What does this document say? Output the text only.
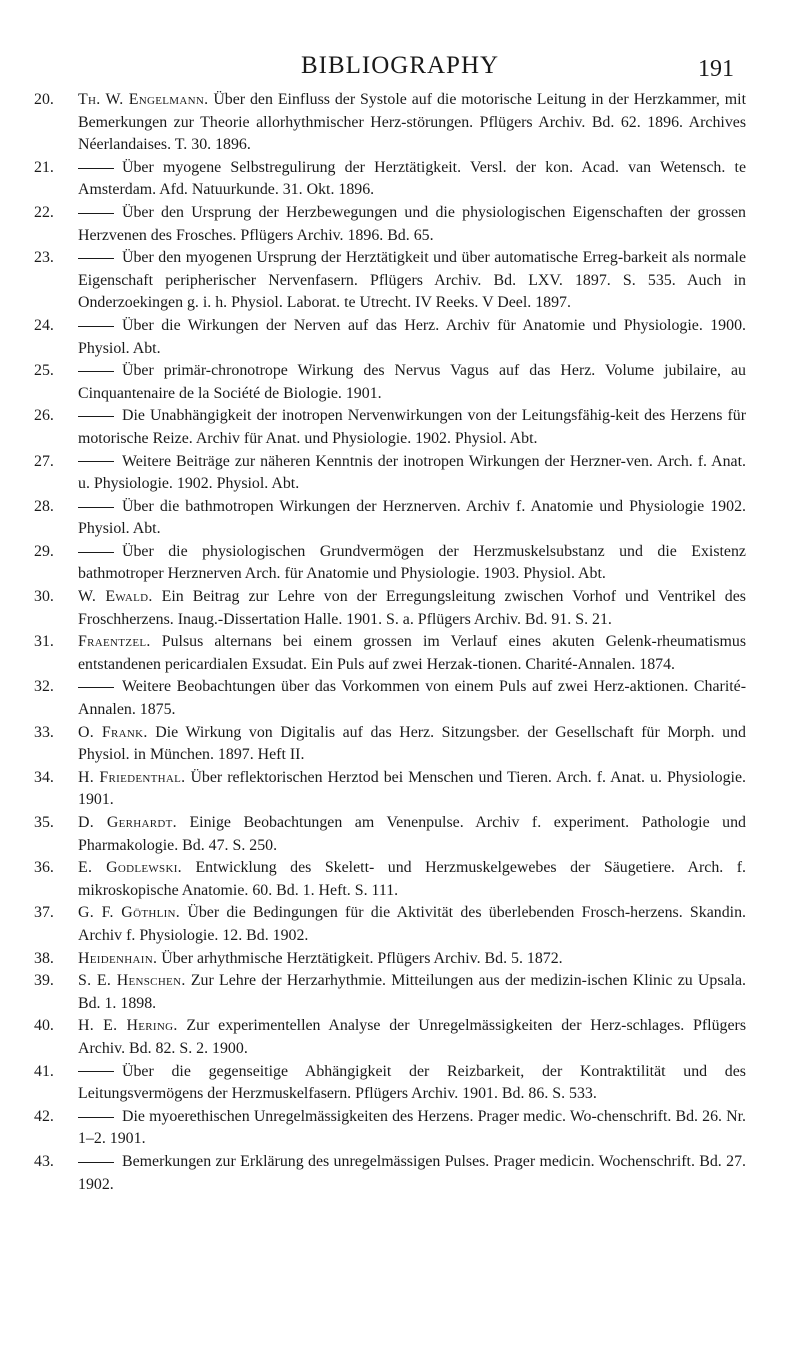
BIBLIOGRAPHY	191

20.	Th. W. Engelmann. Über den Einfluss der Systole auf die motorische Leitung in der Herzkammer, mit Bemerkungen zur Theorie allorhythmischer Herz-störungen. Pflügers Archiv. Bd. 62. 1896. Archives Néerlandaises. T. 30. 1896.

21.	Über myogene Selbstregulirung der Herztätigkeit. Versl. der kon. Acad. van Wetensch. te Amsterdam. Afd. Natuurkunde. 31. Okt. 1896.

22.	Über den Ursprung der Herzbewegungen und die physiologischen Eigenschaften der grossen Herzvenen des Frosches. Pflügers Archiv. 1896. Bd. 65.

23.	Über den myogenen Ursprung der Herztätigkeit und über automatische Erreg-barkeit als normale Eigenschaft peripherischer Nervenfasern. Pflügers Archiv. Bd. LXV. 1897. S. 535. Auch in Onderzoekingen g. i. h. Physiol. Laborat. te Utrecht. IV Reeks. V Deel. 1897.

24.	Über die Wirkungen der Nerven auf das Herz. Archiv für Anatomie und Physiologie. 1900. Physiol. Abt.

25.	Über primär-chronotrope Wirkung des Nervus Vagus auf das Herz. Volume jubilaire, au Cinquantenaire de la Société de Biologie. 1901.

26.	Die Unabhängigkeit der inotropen Nervenwirkungen von der Leitungsfähig-keit des Herzens für motorische Reize. Archiv für Anat. und Physiologie. 1902. Physiol. Abt.

27.	Weitere Beiträge zur näheren Kenntnis der inotropen Wirkungen der Herzner-ven. Arch. f. Anat. u. Physiologie. 1902. Physiol. Abt.

28.	Über die bathmotropen Wirkungen der Herznerven. Archiv f. Anatomie und Physiologie 1902. Physiol. Abt.

29.	Über die physiologischen Grundvermögen der Herzmuskelsubstanz und die Existenz bathmotroper Herznerven Arch. für Anatomie und Physiologie. 1903. Physiol. Abt.

30.	W. Ewald. Ein Beitrag zur Lehre von der Erregungsleitung zwischen Vorhof und Ventrikel des Froschherzens. Inaug.-Dissertation Halle. 1901. S. a. Pflügers Archiv. Bd. 91. S. 21.

31.	Fraentzel. Pulsus alternans bei einem grossen im Verlauf eines akuten Gelenk-rheumatismus entstandenen pericardialen Exsudat. Ein Puls auf zwei Herzak-tionen. Charité-Annalen. 1874.

32.	Weitere Beobachtungen über das Vorkommen von einem Puls auf zwei Herz-aktionen. Charité-Annalen. 1875.

33.	O. Frank. Die Wirkung von Digitalis auf das Herz. Sitzungsber. der Gesellschaft für Morph. und Physiol. in München. 1897. Heft II.

34.	H. Friedenthal. Über reflektorischen Herztod bei Menschen und Tieren. Arch. f. Anat. u. Physiologie. 1901.

35.	D. Gerhardt. Einige Beobachtungen am Venenpulse. Archiv f. experiment. Pathologie und Pharmakologie. Bd. 47. S. 250.

36.	E. Godlewski. Entwicklung des Skelett- und Herzmuskelgewebes der Säugetiere. Arch. f. mikroskopische Anatomie. 60. Bd. 1. Heft. S. 111.

37.	G. F. Göthlin. Über die Bedingungen für die Aktivität des überlebenden Frosch-herzens. Skandin. Archiv f. Physiologie. 12. Bd. 1902.

38.	Heidenhain. Über arhythmische Herztätigkeit. Pflügers Archiv. Bd. 5. 1872.

39.	S. E. Henschen. Zur Lehre der Herzarhythmie. Mitteilungen aus der medizin-ischen Klinic zu Upsala. Bd. 1. 1898.

40.	H. E. Hering. Zur experimentellen Analyse der Unregelmässigkeiten der Herz-schlages. Pflügers Archiv. Bd. 82. S. 2. 1900.

41.	Über die gegenseitige Abhängigkeit der Reizbarkeit, der Kontraktilität und des Leitungsvermögens der Herzmuskelfasern. Pflügers Archiv. 1901. Bd. 86. S. 533.

42.	Die myoerethischen Unregelmässigkeiten des Herzens. Prager medic. Wo-chenschrift. Bd. 26. Nr. 1–2. 1901.

43.	Bemerkungen zur Erklärung des unregelmässigen Pulses. Prager medicin. Wochenschrift. Bd. 27. 1902.
